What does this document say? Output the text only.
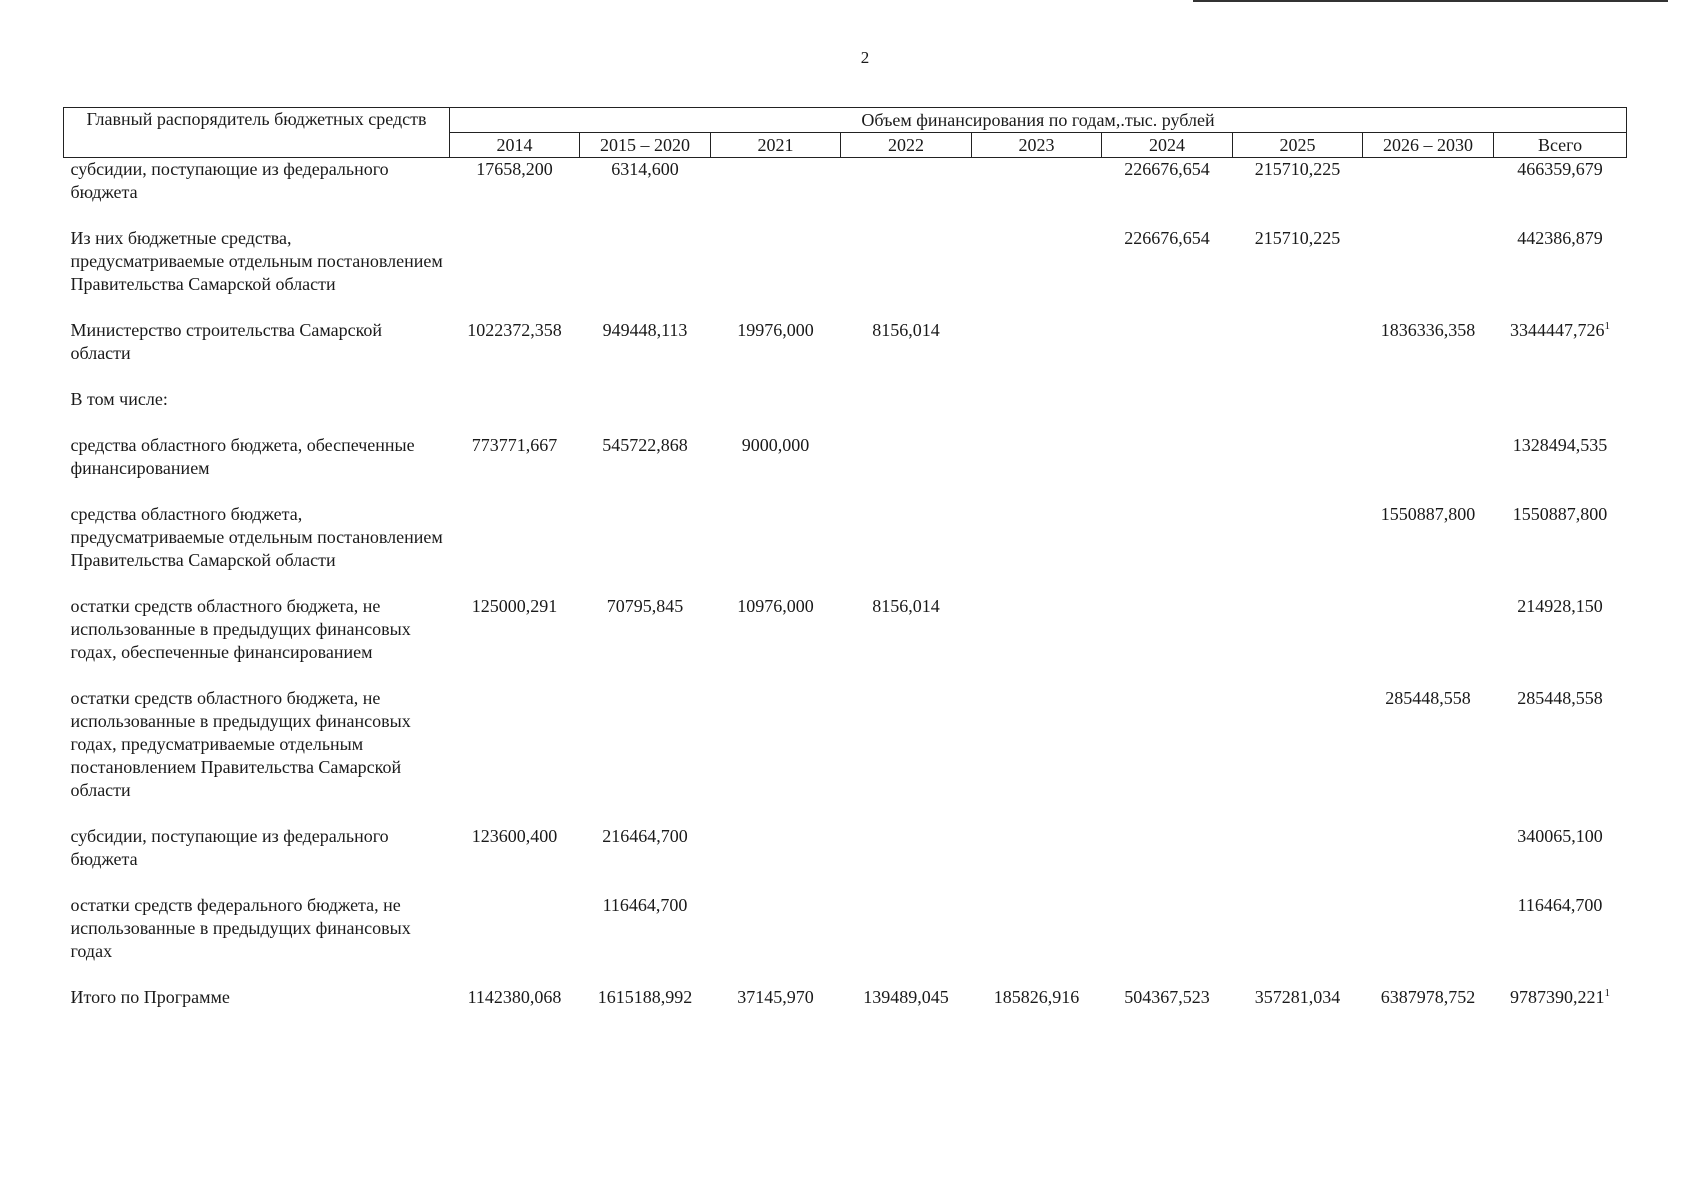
2
Главный распорядитель бюджетных средств	Объем финансирования по годам,.тыс. рублей								
	2014	2015 – 2020	2021	2022	2023	2024	2025	2026 – 2030	Всего
субсидии, поступающие из федерального бюджета	17658,200	6314,600				226676,654	215710,225		466359,679
Из них бюджетные средства, предусматриваемые отдельным постановлением Правительства Самарской области						226676,654	215710,225		442386,879
Министерство строительства Самарской области	1022372,358	949448,113	19976,000	8156,014				1836336,358	3344447,726$^1$
В том числе:									
средства областного бюджета, обеспеченные финансированием	773771,667	545722,868	9000,000						1328494,535
средства областного бюджета, предусматриваемые отдельным постановлением Правительства Самарской области								1550887,800	1550887,800
остатки средств областного бюджета, не использованные в предыдущих финансовых годах, обеспеченные финансированием	125000,291	70795,845	10976,000	8156,014					214928,150
остатки средств областного бюджета, не использованные в предыдущих финансовых годах, предусматриваемые отдельным постановлением Правительства Самарской области								285448,558	285448,558
субсидии, поступающие из федерального бюджета	123600,400	216464,700							340065,100
остатки средств федерального бюджета, не использованные в предыдущих финансовых годах		116464,700							116464,700
Итого по Программе	1142380,068	1615188,992	37145,970	139489,045	185826,916	504367,523	357281,034	6387978,752	9787390,221$^1$
